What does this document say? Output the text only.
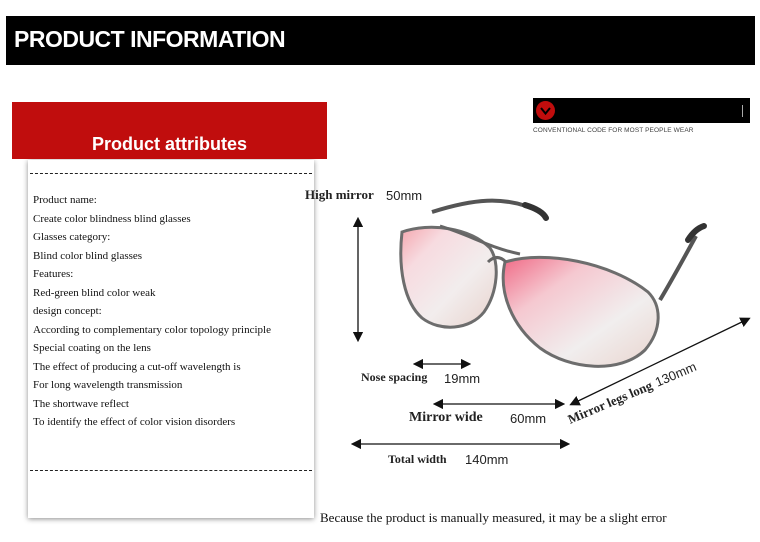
PRODUCT INFORMATION
CONVENTIONAL CODE FOR MOST PEOPLE WEAR
Product attributes
Product name:
Create color blindness blind glasses
Glasses category:
Blind color blind glasses
Features:
Red-green blind color weak
design concept:
According to complementary color topology principle
Special coating on the lens
The effect of producing a cut-off wavelength is
For long wavelength transmission
The shortwave reflect
To identify the effect of color vision disorders
High mirror 50mm
Nose spacing 19mm
Mirror wide 60mm
Total width 140mm
Mirror legs long 130mm
Because the product is manually measured, it may be a slight error
